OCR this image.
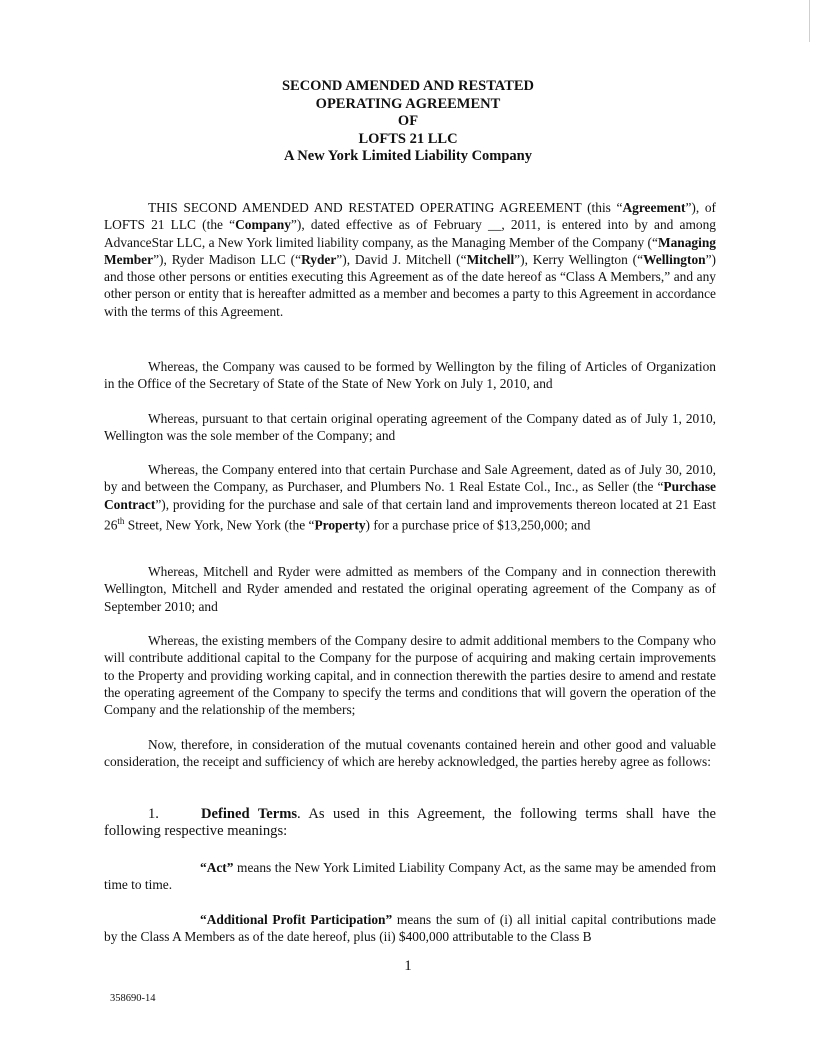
SECOND AMENDED AND RESTATED
OPERATING AGREEMENT
OF
LOFTS 21 LLC
A New York Limited Liability Company

THIS SECOND AMENDED AND RESTATED OPERATING AGREEMENT (this “Agreement”), of LOFTS 21 LLC (the “Company”), dated effective as of February __, 2011, is entered into by and among AdvanceStar LLC, a New York limited liability company, as the Managing Member of the Company (“Managing Member”), Ryder Madison LLC (“Ryder”), David J. Mitchell (“Mitchell”), Kerry Wellington (“Wellington”) and those other persons or entities executing this Agreement as of the date hereof as “Class A Members,” and any other person or entity that is hereafter admitted as a member and becomes a party to this Agreement in accordance with the terms of this Agreement.

Whereas, the Company was caused to be formed by Wellington by the filing of Articles of Organization in the Office of the Secretary of State of the State of New York on July 1, 2010, and

Whereas, pursuant to that certain original operating agreement of the Company dated as of July 1, 2010, Wellington was the sole member of the Company; and

Whereas, the Company entered into that certain Purchase and Sale Agreement, dated as of July 30, 2010, by and between the Company, as Purchaser, and Plumbers No. 1 Real Estate Col., Inc., as Seller (the “Purchase Contract”), providing for the purchase and sale of that certain land and improvements thereon located at 21 East 26th Street, New York, New York (the “Property) for a purchase price of $13,250,000; and

Whereas, Mitchell and Ryder were admitted as members of the Company and in connection therewith Wellington, Mitchell and Ryder amended and restated the original operating agreement of the Company as of September 2010; and

Whereas, the existing members of the Company desire to admit additional members to the Company who will contribute additional capital to the Company for the purpose of acquiring and making certain improvements to the Property and providing working capital, and in connection therewith the parties desire to amend and restate the operating agreement of the Company to specify the terms and conditions that will govern the operation of the Company and the relationship of the members;

Now, therefore, in consideration of the mutual covenants contained herein and other good and valuable consideration, the receipt and sufficiency of which are hereby acknowledged, the parties hereby agree as follows:

1.	Defined Terms. As used in this Agreement, the following terms shall have the following respective meanings:

“Act” means the New York Limited Liability Company Act, as the same may be amended from time to time.

“Additional Profit Participation” means the sum of (i) all initial capital contributions made by the Class A Members as of the date hereof, plus (ii) $400,000 attributable to the Class B

1
358690-14
